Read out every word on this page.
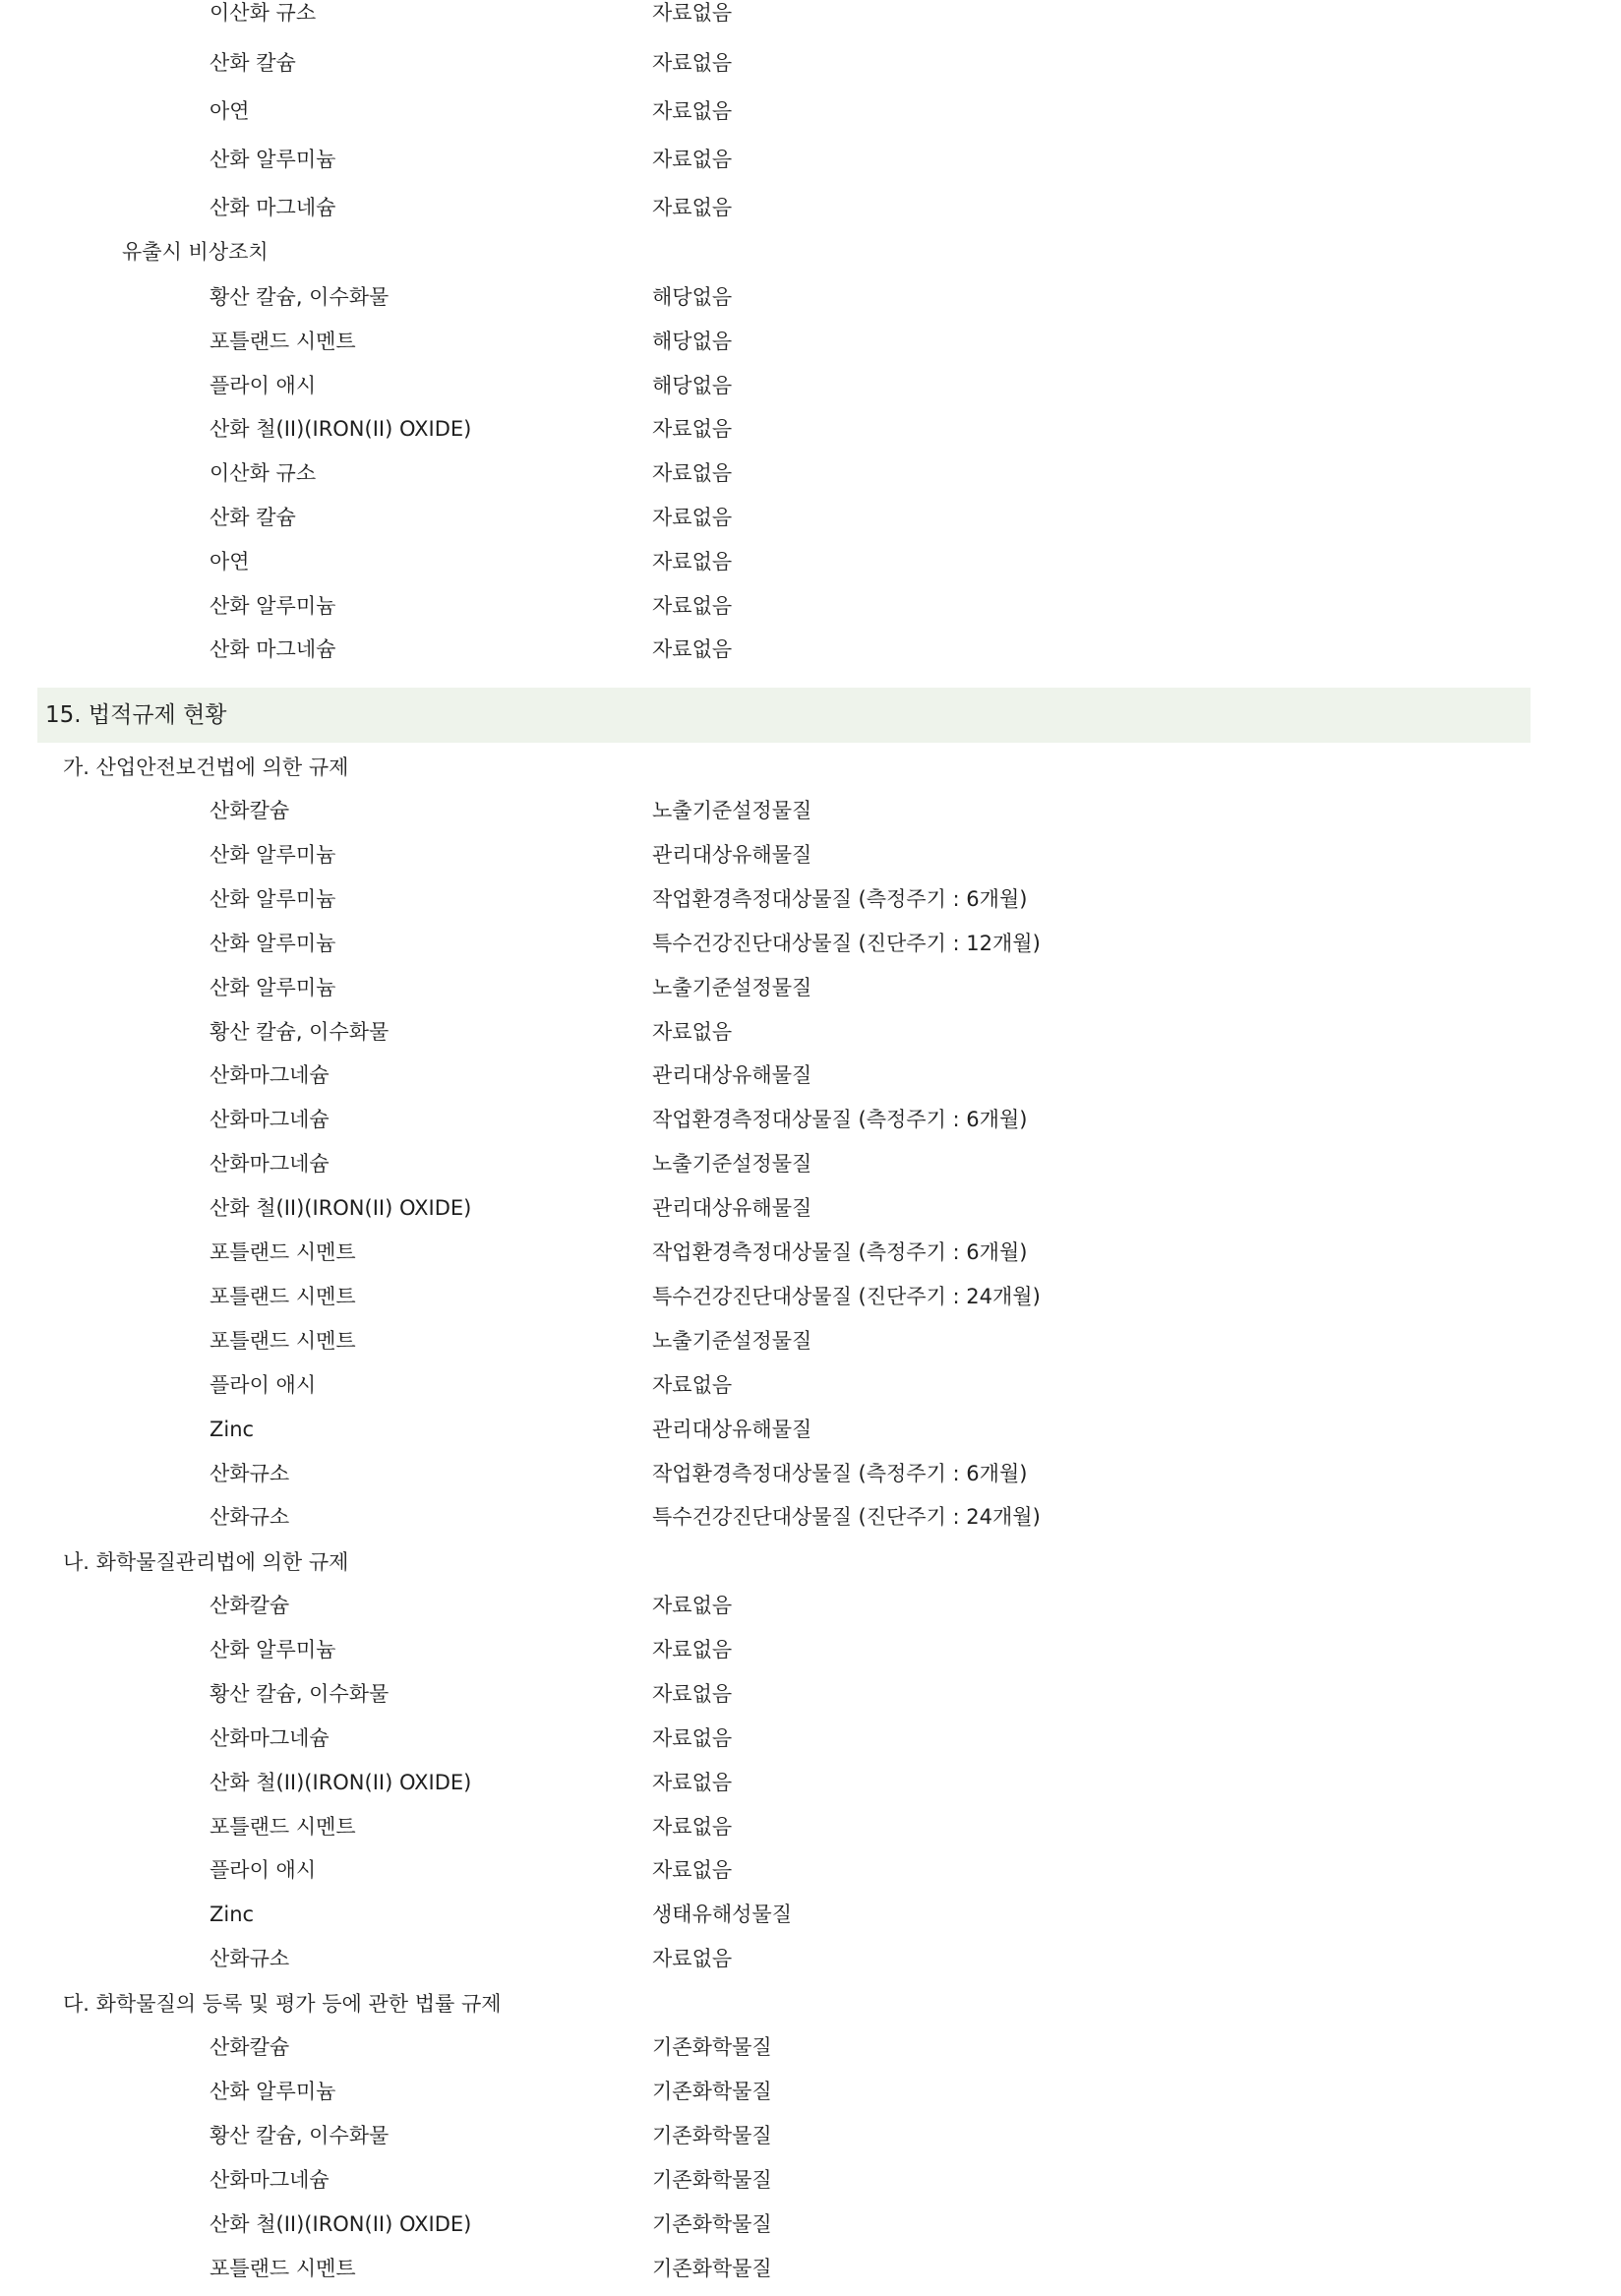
이산화 규소	자료없음
산화 칼슘	자료없음
아연	자료없음
산화 알루미늄	자료없음
산화 마그네슘	자료없음
유출시 비상조치
황산 칼슘, 이수화물	해당없음
포틀랜드 시멘트	해당없음
플라이 애시	해당없음
산화 철(II)(IRON(II) OXIDE)	자료없음
이산화 규소	자료없음
산화 칼슘	자료없음
아연	자료없음
산화 알루미늄	자료없음
산화 마그네슘	자료없음
15. 법적규제 현황
가. 산업안전보건법에 의한 규제
산화칼슘	노출기준설정물질
산화 알루미늄	관리대상유해물질
산화 알루미늄	작업환경측정대상물질 (측정주기 : 6개월)
산화 알루미늄	특수건강진단대상물질 (진단주기 : 12개월)
산화 알루미늄	노출기준설정물질
황산 칼슘, 이수화물	자료없음
산화마그네슘	관리대상유해물질
산화마그네슘	작업환경측정대상물질 (측정주기 : 6개월)
산화마그네슘	노출기준설정물질
산화 철(II)(IRON(II) OXIDE)	관리대상유해물질
포틀랜드 시멘트	작업환경측정대상물질 (측정주기 : 6개월)
포틀랜드 시멘트	특수건강진단대상물질 (진단주기 : 24개월)
포틀랜드 시멘트	노출기준설정물질
플라이 애시	자료없음
Zinc	관리대상유해물질
산화규소	작업환경측정대상물질 (측정주기 : 6개월)
산화규소	특수건강진단대상물질 (진단주기 : 24개월)
나. 화학물질관리법에 의한 규제
산화칼슘	자료없음
산화 알루미늄	자료없음
황산 칼슘, 이수화물	자료없음
산화마그네슘	자료없음
산화 철(II)(IRON(II) OXIDE)	자료없음
포틀랜드 시멘트	자료없음
플라이 애시	자료없음
Zinc	생태유해성물질
산화규소	자료없음
다. 화학물질의 등록 및 평가 등에 관한 법률 규제
산화칼슘	기존화학물질
산화 알루미늄	기존화학물질
황산 칼슘, 이수화물	기존화학물질
산화마그네슘	기존화학물질
산화 철(II)(IRON(II) OXIDE)	기존화학물질
포틀랜드 시멘트	기존화학물질
